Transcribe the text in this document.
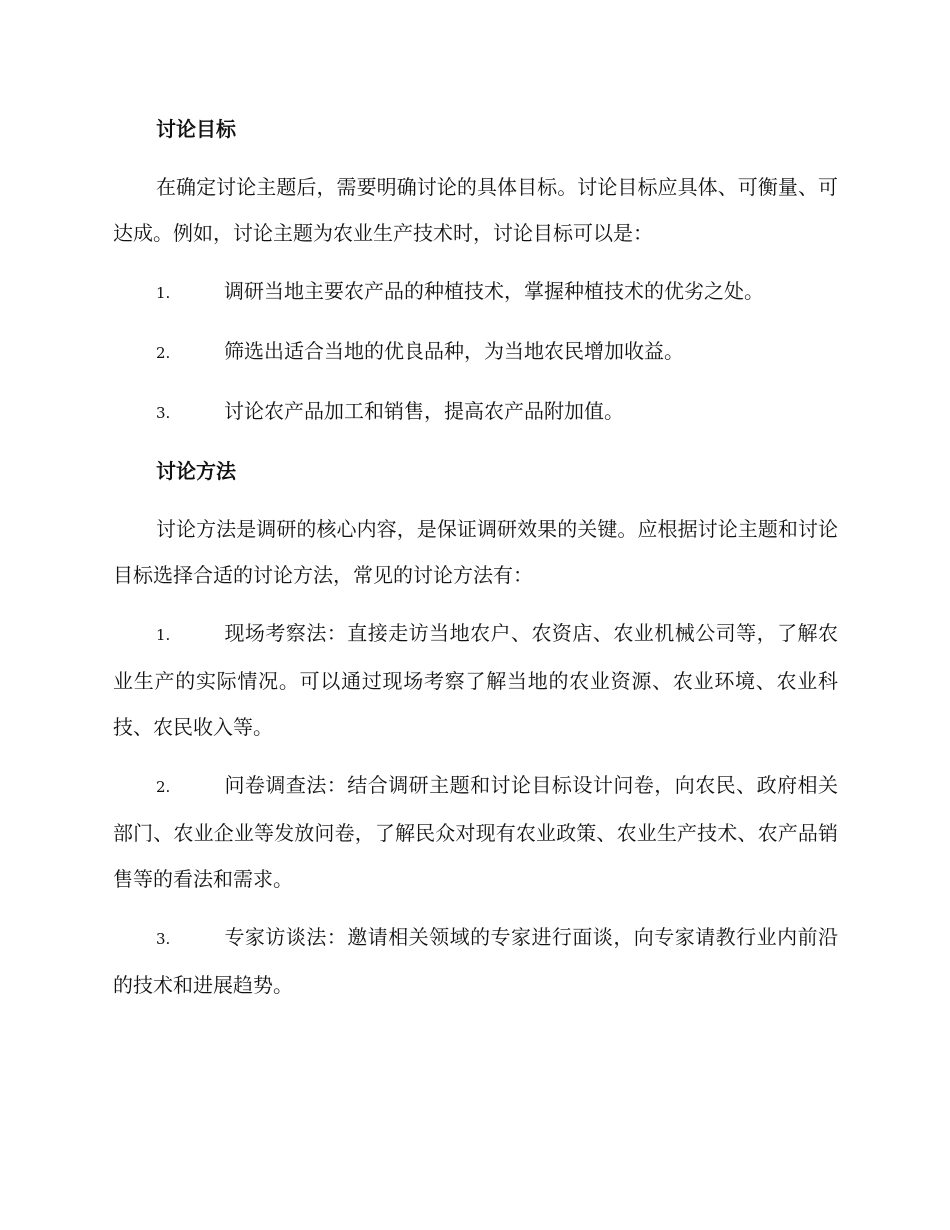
讨论目标
在确定讨论主题后，需要明确讨论的具体目标。讨论目标应具体、可衡量、可达成。例如，讨论主题为农业生产技术时，讨论目标可以是：
1.	调研当地主要农产品的种植技术，掌握种植技术的优劣之处。
2.	筛选出适合当地的优良品种，为当地农民增加收益。
3.	讨论农产品加工和销售，提高农产品附加值。
讨论方法
讨论方法是调研的核心内容，是保证调研效果的关键。应根据讨论主题和讨论目标选择合适的讨论方法，常见的讨论方法有：
1.	现场考察法：直接走访当地农户、农资店、农业机械公司等，了解农业生产的实际情况。可以通过现场考察了解当地的农业资源、农业环境、农业科技、农民收入等。
2.	问卷调查法：结合调研主题和讨论目标设计问卷，向农民、政府相关部门、农业企业等发放问卷，了解民众对现有农业政策、农业生产技术、农产品销售等的看法和需求。
3.	专家访谈法：邀请相关领域的专家进行面谈，向专家请教行业内前沿的技术和进展趋势。
